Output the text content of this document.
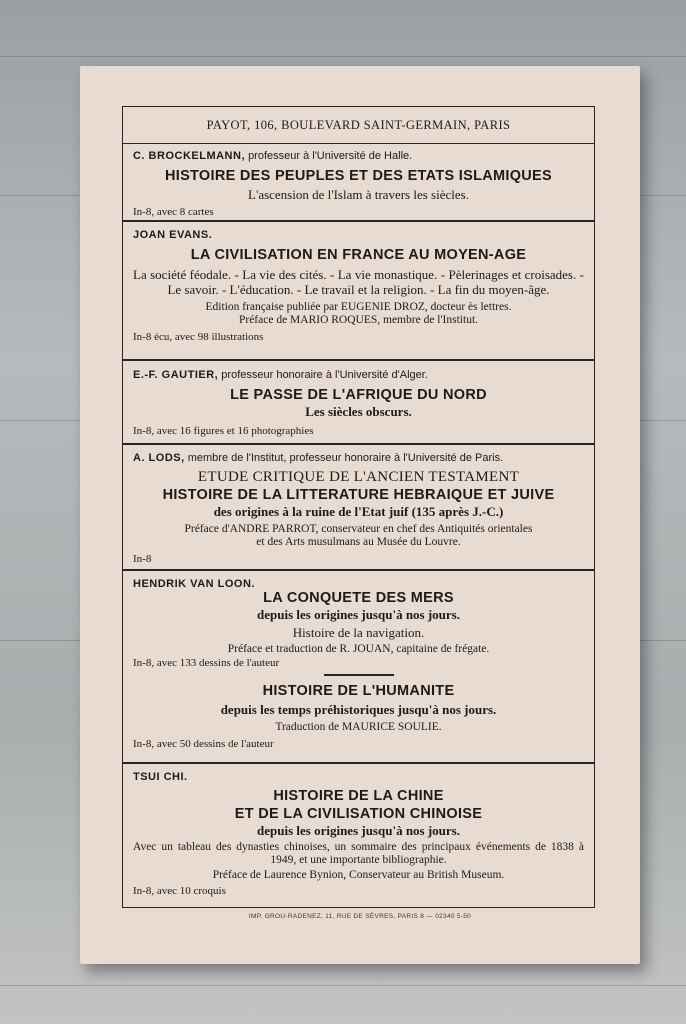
PAYOT, 106, BOULEVARD SAINT-GERMAIN, PARIS
C. BROCKELMANN, professeur à l'Université de Halle.
HISTOIRE DES PEUPLES ET DES ETATS ISLAMIQUES
L'ascension de l'Islam à travers les siècles.
In-8, avec 8 cartes
JOAN EVANS.
LA CIVILISATION EN FRANCE AU MOYEN-AGE
La société féodale. - La vie des cités. - La vie monastique. - Pèlerinages et croisades. - Le savoir. - L'éducation. - Le travail et la religion. - La fin du moyen-âge.
Edition française publiée par EUGENIE DROZ, docteur ès lettres.
Préface de MARIO ROQUES, membre de l'Institut.
In-8 écu, avec 98 illustrations
E.-F. GAUTIER, professeur honoraire à l'Université d'Alger.
LE PASSE DE L'AFRIQUE DU NORD
Les siècles obscurs.
In-8, avec 16 figures et 16 photographies
A. LODS, membre de l'Institut, professeur honoraire à l'Université de Paris.
ETUDE CRITIQUE DE L'ANCIEN TESTAMENT
HISTOIRE DE LA LITTERATURE HEBRAIQUE ET JUIVE
des origines à la ruine de l'Etat juif (135 après J.-C.)
Préface d'ANDRE PARROT, conservateur en chef des Antiquités orientales
et des Arts musulmans au Musée du Louvre.
In-8
HENDRIK VAN LOON.
LA CONQUETE DES MERS
depuis les origines jusqu'à nos jours.
Histoire de la navigation.
Préface et traduction de R. JOUAN, capitaine de frégate.
In-8, avec 133 dessins de l'auteur
HISTOIRE DE L'HUMANITE
depuis les temps préhistoriques jusqu'à nos jours.
Traduction de MAURICE SOULIE.
In-8, avec 50 dessins de l'auteur
TSUI CHI.
HISTOIRE DE LA CHINE
ET DE LA CIVILISATION CHINOISE
depuis les origines jusqu'à nos jours.
Avec un tableau des dynasties chinoises, un sommaire des principaux événements de 1838 à 1949, et une importante bibliographie.
Préface de Laurence Bynion, Conservateur au British Museum.
In-8, avec 10 croquis
IMP. GROU-RADENEZ, 11, RUE DE SÈVRES, PARIS 8 — 02340 5-50
